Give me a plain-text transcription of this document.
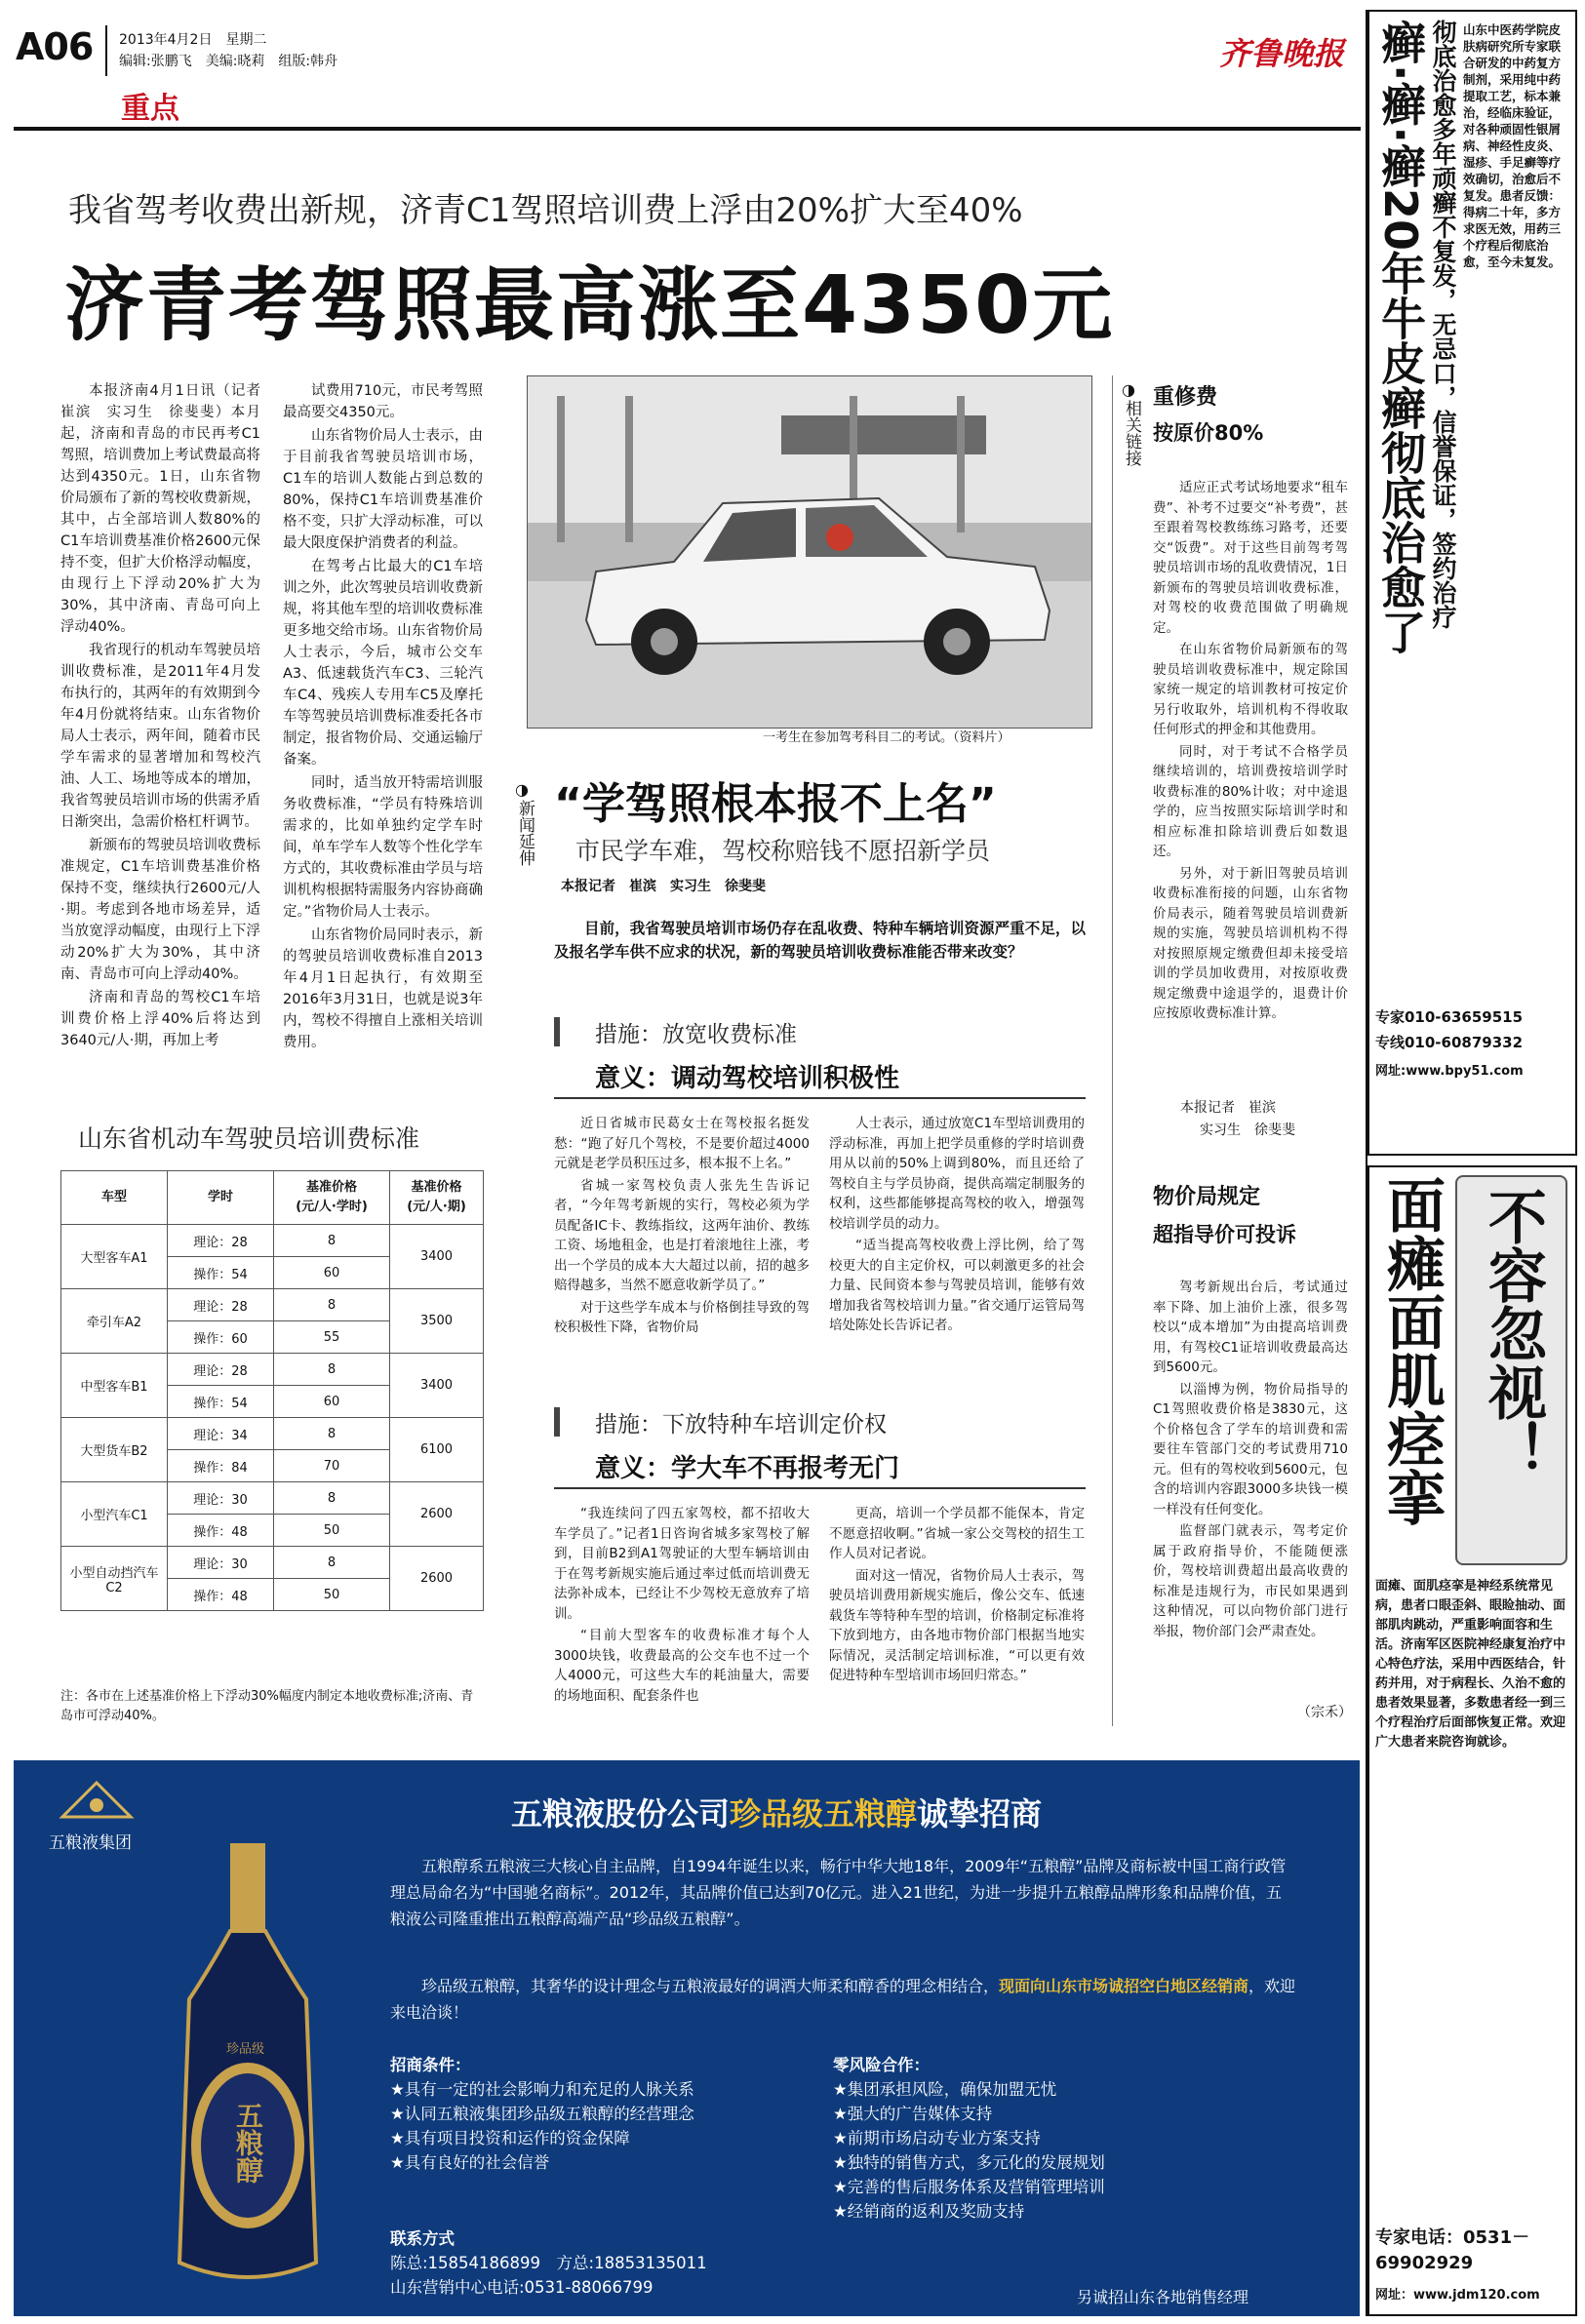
A06 2013年4月2日　星期二
编辑:张鹏飞　美编:晓莉　组版:韩舟
重点
齐鲁晚报
我省驾考收费出新规，济青C1驾照培训费上浮由20%扩大至40%
济青考驾照最高涨至4350元

本报济南4月1日讯（记者　崔滨　实习生　徐斐斐）本月起，济南和青岛的市民再考C1驾照，培训费加上考试费最高将达到4350元。1日，山东省物价局颁布了新的驾校收费新规，其中，占全部培训人数80%的C1车培训费基准价格2600元保持不变，但扩大价格浮动幅度，由现行上下浮动20%扩大为30%，其中济南、青岛可向上浮动40%。

我省现行的机动车驾驶员培训收费标准，是2011年4月发布执行的，其两年的有效期到今年4月份就将结束。山东省物价局人士表示，两年间，随着市民学车需求的显著增加和驾校汽油、人工、场地等成本的增加，我省驾驶员培训市场的供需矛盾日渐突出，急需价格杠杆调节。

新颁布的驾驶员培训收费标准规定，C1车培训费基准价格保持不变，继续执行2600元/人·期。考虑到各地市场差异，适当放宽浮动幅度，由现行上下浮动20%扩大为30%，其中济南、青岛市可向上浮动40%。

济南和青岛的驾校C1车培训费价格上浮40%后将达到3640元/人·期，再加上考

试费用710元，市民考驾照最高要交4350元。

山东省物价局人士表示，由于目前我省驾驶员培训市场，C1车的培训人数能占到总数的80%，保持C1车培训费基准价格不变，只扩大浮动标准，可以最大限度保护消费者的利益。

在驾考占比最大的C1车培训之外，此次驾驶员培训收费新规，将其他车型的培训收费标准更多地交给市场。山东省物价局人士表示，今后，城市公交车A3、低速载货汽车C3、三轮汽车C4、残疾人专用车C5及摩托车等驾驶员培训费标准委托各市制定，报省物价局、交通运输厅备案。

同时，适当放开特需培训服务收费标准，“学员有特殊培训需求的，比如单独约定学车时间，单车学车人数等个性化学车方式的，其收费标准由学员与培训机构根据特需服务内容协商确定。”省物价局人士表示。

山东省物价局同时表示，新的驾驶员培训收费标准自2013年4月1日起执行，有效期至2016年3月31日，也就是说3年内，驾校不得擅自上涨相关培训费用。

一考生在参加驾考科目二的考试。（资料片）
◑
相关链接
重修费
按原价80%

适应正式考试场地要求“租车费”、补考不过要交“补考费”，甚至跟着驾校教练练习路考，还要交“饭费”。对于这些目前驾考驾驶员培训市场的乱收费情况，1日新颁布的驾驶员培训收费标准，对驾校的收费范围做了明确规定。

在山东省物价局新颁布的驾驶员培训收费标准中，规定除国家统一规定的培训教材可按定价另行收取外，培训机构不得收取任何形式的押金和其他费用。

同时，对于考试不合格学员继续培训的，培训费按培训学时收费标准的80%计收；对中途退学的，应当按照实际培训学时和相应标准扣除培训费后如数退还。

另外，对于新旧驾驶员培训收费标准衔接的问题，山东省物价局表示，随着驾驶员培训费新规的实施，驾驶员培训机构不得对按照原规定缴费但却未接受培训的学员加收费用，对按原收费规定缴费中途退学的，退费计价应按原收费标准计算。

本报记者　崔滨
实习生　徐斐斐
物价局规定
超指导价可投诉

驾考新规出台后，考试通过率下降、加上油价上涨，很多驾校以“成本增加”为由提高培训费用，有驾校C1证培训收费最高达到5600元。

以淄博为例，物价局指导的C1驾照收费价格是3830元，这个价格包含了学车的培训费和需要往车管部门交的考试费用710元。但有的驾校收到5600元，包含的培训内容跟3000多块钱一模一样没有任何变化。

监督部门就表示，驾考定价属于政府指导价，不能随便涨价，驾校培训费超出最高收费的标准是违规行为，市民如果遇到这种情况，可以向物价部门进行举报，物价部门会严肃查处。

（宗禾）
◑
新闻延伸 “学驾照根本报不上名”
市民学车难，驾校称赔钱不愿招新学员
本报记者　崔滨　实习生　徐斐斐
目前，我省驾驶员培训市场仍存在乱收费、特种车辆培训资源严重不足，以及报名学车供不应求的状况，新的驾驶员培训收费标准能否带来改变？
措施：放宽收费标准
意义：调动驾校培训积极性

近日省城市民葛女士在驾校报名挺发愁：“跑了好几个驾校，不是要价超过4000元就是老学员积压过多，根本报不上名。”

省城一家驾校负责人张先生告诉记者，“今年驾考新规的实行，驾校必须为学员配备IC卡、教练指纹，这两年油价、教练工资、场地租金，也是打着滚地往上涨，考出一个学员的成本大大超过以前，招的越多赔得越多，当然不愿意收新学员了。”

对于这些学车成本与价格倒挂导致的驾校积极性下降，省物价局

人士表示，通过放宽C1车型培训费用的浮动标准，再加上把学员重修的学时培训费用从以前的50%上调到80%，而且还给了驾校自主与学员协商，提供高端定制服务的权利，这些都能够提高驾校的收入，增强驾校培训学员的动力。

“适当提高驾校收费上浮比例，给了驾校更大的自主定价权，可以刺激更多的社会力量、民间资本参与驾驶员培训，能够有效增加我省驾校培训力量。”省交通厅运管局驾培处陈处长告诉记者。

措施：下放特种车培训定价权
意义：学大车不再报考无门

“我连续问了四五家驾校，都不招收大车学员了。”记者1日咨询省城多家驾校了解到，目前B2到A1驾驶证的大型车辆培训由于在驾考新规实施后通过率过低而培训费无法弥补成本，已经让不少驾校无意放弃了培训。

“目前大型客车的收费标准才每个人3000块钱，收费最高的公交车也不过一个人4000元，可这些大车的耗油量大，需要的场地面积、配套条件也

更高，培训一个学员都不能保本，肯定不愿意招收啊。”省城一家公交驾校的招生工作人员对记者说。

面对这一情况，省物价局人士表示，驾驶员培训费用新规实施后，像公交车、低速载货车等特种车型的培训，价格制定标准将下放到地方，由各地市物价部门根据当地实际情况，灵活制定培训标准，“可以更有效促进特种车型培训市场回归常态。”

山东省机动车驾驶员培训费标准
车型	学时	基准价格
(元/人·学时)	基准价格
(元/人·期)
大型客车A1	理论：28	8	3400
	操作：54	60	
牵引车A2	理论：28	8	3500
	操作：60	55	
中型客车B1	理论：28	8	3400
	操作：54	60	
大型货车B2	理论：34	8	6100
	操作：84	70	
小型汽车C1	理论：30	8	2600
	操作：48	50	
小型自动挡汽车C2	理论：30	8	2600
	操作：48	50	
注：各市在上述基准价格上下浮动30%幅度内制定本地收费标准;济南、青岛市可浮动40%。
五粮液集团
珍品级
五粮醇
五粮液股份公司珍品级五粮醇诚挚招商
五粮醇系五粮液三大核心自主品牌，自1994年诞生以来，畅行中华大地18年，2009年“五粮醇”品牌及商标被中国工商行政管理总局命名为“中国驰名商标”。2012年，其品牌价值已达到70亿元。进入21世纪，为进一步提升五粮醇品牌形象和品牌价值，五粮液公司隆重推出五粮醇高端产品“珍品级五粮醇”。
珍品级五粮醇，其奢华的设计理念与五粮液最好的调酒大师柔和醇香的理念相结合，现面向山东市场诚招空白地区经销商，欢迎来电洽谈！
招商条件：
★具有一定的社会影响力和充足的人脉关系
★认同五粮液集团珍品级五粮醇的经营理念
★具有项目投资和运作的资金保障
★具有良好的社会信誉
零风险合作：
★集团承担风险，确保加盟无忧
★强大的广告媒体支持
★前期市场启动专业方案支持
★独特的销售方式，多元化的发展规划
★完善的售后服务体系及营销管理培训
★经销商的返利及奖励支持
联系方式
陈总:15854186899　方总:18853135011
山东营销中心电话:0531-88066799
另诚招山东各地销售经理
癣·癣·癣20年牛皮癣彻底治愈了 彻底治愈多年顽癣不复发，无忌口，信誉保证，签约治疗 山东中医药学院皮肤病研究所专家联合研发的中药复方制剂，采用纯中药提取工艺，标本兼治，经临床验证，对各种顽固性银屑病、神经性皮炎、湿疹、手足癣等疗效确切，治愈后不复发。患者反馈：得病二十年，多方求医无效，用药三个疗程后彻底治愈，至今未复发。
专家010-63659515
专线010-60879332
网址:www.bpy51.com
面瘫面肌痉挛 不容忽视！
面瘫、面肌痉挛是神经系统常见病，患者口眼歪斜、眼睑抽动、面部肌肉跳动，严重影响面容和生活。济南军区医院神经康复治疗中心特色疗法，采用中西医结合，针药并用，对于病程长、久治不愈的患者效果显著，多数患者经一到三个疗程治疗后面部恢复正常。欢迎广大患者来院咨询就诊。
专家电话：0531－69902929
网址：www.jdm120.com
